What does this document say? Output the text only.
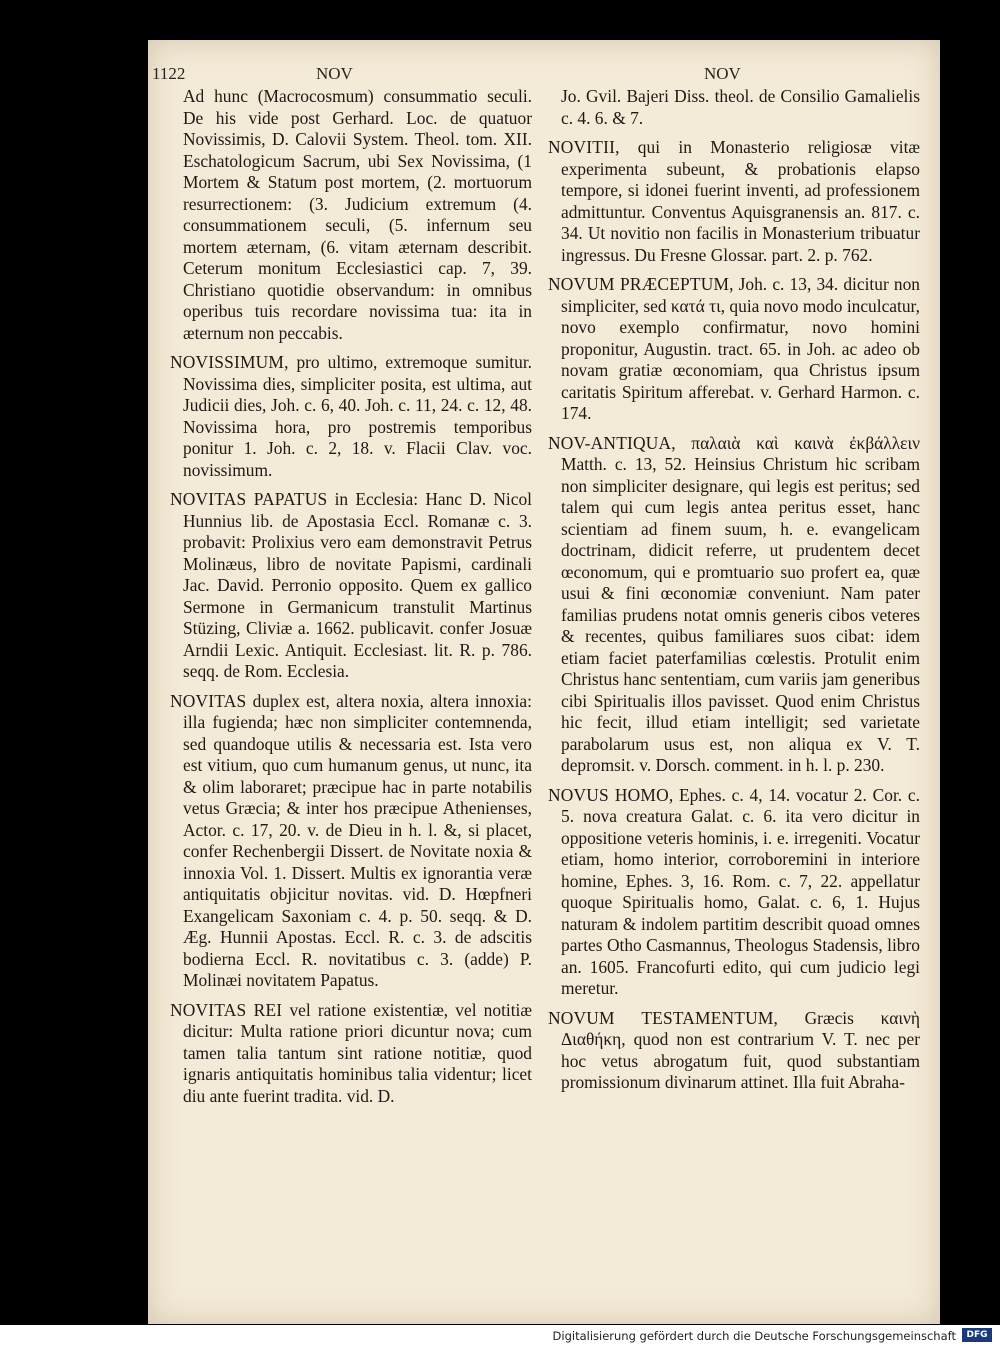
1122	NOV	NOV

Ad hunc (Macrocosmum) consummatio seculi. De his vide post Gerhard. Loc. de quatuor Novissimis, D. Calovii System. Theol. tom. XII. Eschatologicum Sacrum, ubi Sex Novissima, (1 Mortem & Statum post mortem, (2. mortuorum resurrectionem: (3. Judicium extremum (4. consummationem seculi, (5. infernum seu mortem æternam, (6. vitam æternam describit. Ceterum monitum Ecclesiastici cap. 7, 39. Christiano quotidie observandum: in omnibus operibus tuis recordare novissima tua: ita in æternum non peccabis.

NOVISSIMUM, pro ultimo, extremoque sumitur. Novissima dies, simpliciter posita, est ultima, aut Judicii dies, Joh. c. 6, 40. Joh. c. 11, 24. c. 12, 48. Novissima hora, pro postremis temporibus ponitur 1. Joh. c. 2, 18. v. Flacii Clav. voc. novissimum.

NOVITAS PAPATUS in Ecclesia: Hanc D. Nicol Hunnius lib. de Apostasia Eccl. Romanæ c. 3. probavit: Prolixius vero eam demonstravit Petrus Molinæus, libro de novitate Papismi, cardinali Jac. David. Perronio opposito. Quem ex gallico Sermone in Germanicum transtulit Martinus Stüzing, Cliviæ a. 1662. publicavit. confer Josuæ Arndii Lexic. Antiquit. Ecclesiast. lit. R. p. 786. seqq. de Rom. Ecclesia.

NOVITAS duplex est, altera noxia, altera innoxia: illa fugienda; hæc non simpliciter contemnenda, sed quandoque utilis & necessaria est. Ista vero est vitium, quo cum humanum genus, ut nunc, ita & olim laboraret; præcipue hac in parte notabilis vetus Græcia; & inter hos præcipue Athenienses, Actor. c. 17, 20. v. de Dieu in h. l. &, si placet, confer Rechenbergii Dissert. de Novitate noxia & innoxia Vol. 1. Dissert. Multis ex ignorantia veræ antiquitatis objicitur novitas. vid. D. Hœpfneri Exangelicam Saxoniam c. 4. p. 50. seqq. & D. Æg. Hunnii Apostas. Eccl. R. c. 3. de adscitis bodierna Eccl. R. novitatibus c. 3. (adde) P. Molinæi novitatem Papatus.

NOVITAS REI vel ratione existentiæ, vel notitiæ dicitur: Multa ratione priori dicuntur nova; cum tamen talia tantum sint ratione notitiæ, quod ignaris antiquitatis hominibus talia videntur; licet diu ante fuerint tradita. vid. D.

Jo. Gvil. Bajeri Diss. theol. de Consilio Gamalielis c. 4. 6. & 7.

NOVITII, qui in Monasterio religiosæ vitæ experimenta subeunt, & probationis elapso tempore, si idonei fuerint inventi, ad professionem admittuntur. Conventus Aquisgranensis an. 817. c. 34. Ut novitio non facilis in Monasterium tribuatur ingressus. Du Fresne Glossar. part. 2. p. 762.

NOVUM PRÆCEPTUM, Joh. c. 13, 34. dicitur non simpliciter, sed κατά τι, quia novo modo inculcatur, novo exemplo confirmatur, novo homini proponitur, Augustin. tract. 65. in Joh. ac adeo ob novam gratiæ œconomiam, qua Christus ipsum caritatis Spiritum afferebat. v. Gerhard Harmon. c. 174.

NOV-ANTIQUA, παλαιὰ καὶ καινὰ ἐκβάλλειν Matth. c. 13, 52. Heinsius Christum hic scribam non simpliciter designare, qui legis est peritus; sed talem qui cum legis antea peritus esset, hanc scientiam ad finem suum, h. e. evangelicam doctrinam, didicit referre, ut prudentem decet œconomum, qui e promtuario suo profert ea, quæ usui & fini œconomiæ conveniunt. Nam pater familias prudens notat omnis generis cibos veteres & recentes, quibus familiares suos cibat: idem etiam faciet paterfamilias cœlestis. Protulit enim Christus hanc sententiam, cum variis jam generibus cibi Spiritualis illos pavisset. Quod enim Christus hic fecit, illud etiam intelligit; sed varietate parabolarum usus est, non aliqua ex V. T. depromsit. v. Dorsch. comment. in h. l. p. 230.

NOVUS HOMO, Ephes. c. 4, 14. vocatur 2. Cor. c. 5. nova creatura Galat. c. 6. ita vero dicitur in oppositione veteris hominis, i. e. irregeniti. Vocatur etiam, homo interior, corroboremini in interiore homine, Ephes. 3, 16. Rom. c. 7, 22. appellatur quoque Spiritualis homo, Galat. c. 6, 1. Hujus naturam & indolem partitim describit quoad omnes partes Otho Casmannus, Theologus Stadensis, libro an. 1605. Francofurti edito, qui cum judicio legi meretur.

NOVUM TESTAMENTUM, Græcis καινὴ Διαθήκη, quod non est contrarium V. T. nec per hoc vetus abrogatum fuit, quod substantiam promissionum divinarum attinet. Illa fuit Abraha-

Digitalisierung gefördert durch die Deutsche Forschungsgemeinschaft	DFG
